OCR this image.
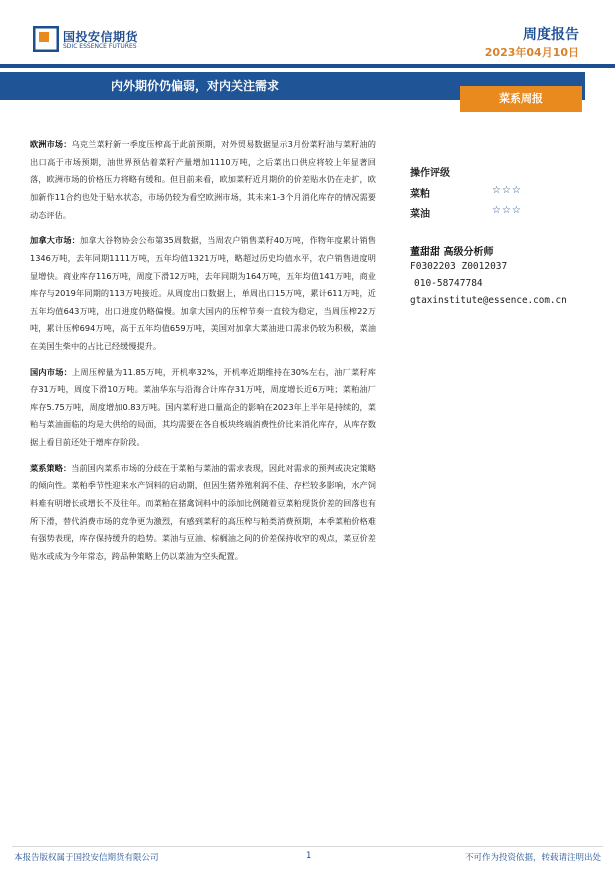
国投安信期货
SDIC ESSENCE FUTURES
周度报告
2023年04月10日
内外期价仍偏弱，对内关注需求
菜系周报

欧洲市场：乌克兰菜籽新一季度压榨高于此前预期，对外贸易数据显示3月份菜籽油与菜籽油的出口高于市场预期，油世界预估着菜籽产量增加1110万吨，之后菜出口供应将较上年显著回落，欧洲市场的价格压力将略有缓和。但目前来看，欧加菜籽近月期价的价差贴水仍在走扩，欧加新作11合约也处于贴水状态，市场仍较为看空欧洲市场，其未来1-3个月消化库存的情况需要动态评估。

加拿大市场：加拿大谷物协会公布第35周数据，当周农户销售菜籽40万吨，作物年度累计销售1346万吨，去年同期1111万吨，五年均值1321万吨，略超过历史均值水平，农户销售进度明显增快。商业库存116万吨，周度下滑12万吨，去年同期为164万吨，五年均值141万吨，商业库存与2019年同期的113万吨接近。从周度出口数据上，单周出口15万吨，累计611万吨，近五年均值643万吨，出口进度仍略偏慢。加拿大国内的压榨节奏一直较为稳定，当周压榨22万吨，累计压榨694万吨，高于五年均值659万吨，美国对加拿大菜油进口需求仍较为积极，菜油在美国生柴中的占比已经缓慢提升。

国内市场：上周压榨量为11.85万吨，开机率32%，开机率近期维持在30%左右，油厂菜籽库存31万吨，周度下滑10万吨。菜油华东与沿海合计库存31万吨，周度增长近6万吨；菜粕油厂库存5.75万吨，周度增加0.83万吨。国内菜籽进口量高企的影响在2023年上半年是持续的，菜粕与菜油面临的均是大供给的局面，其均需要在各自板块终端消费性价比来消化库存，从库存数据上看目前还处于增库存阶段。

菜系策略：当前国内菜系市场的分歧在于菜粕与菜油的需求表现，因此对需求的预判或决定策略的倾向性。菜粕季节性迎来水产饲料的启动期，但因生猪养殖利润不佳、存栏较多影响，水产饲料难有明增长或增长不及往年。而菜粕在猪禽饲料中的添加比例随着豆菜粕现货价差的回落也有所下滑，替代消费市场的竞争更为激烈，有感到菜籽的高压榨与粕类消费预期，本季菜粕价格难有强势表现，库存保持缓升的趋势。菜油与豆油、棕榈油之间的价差保持收窄的观点，菜豆价差贴水或成为今年常态，跨品种策略上仍以菜油为空头配置。

操作评级
菜粕	☆☆☆
菜油	☆☆☆
董甜甜 高级分析师
F0302203 Z0012037
010-58747784
gtaxinstitute@essence.com.cn
本报告版权属于国投安信期货有限公司	1	不可作为投资依据，转载请注明出处
